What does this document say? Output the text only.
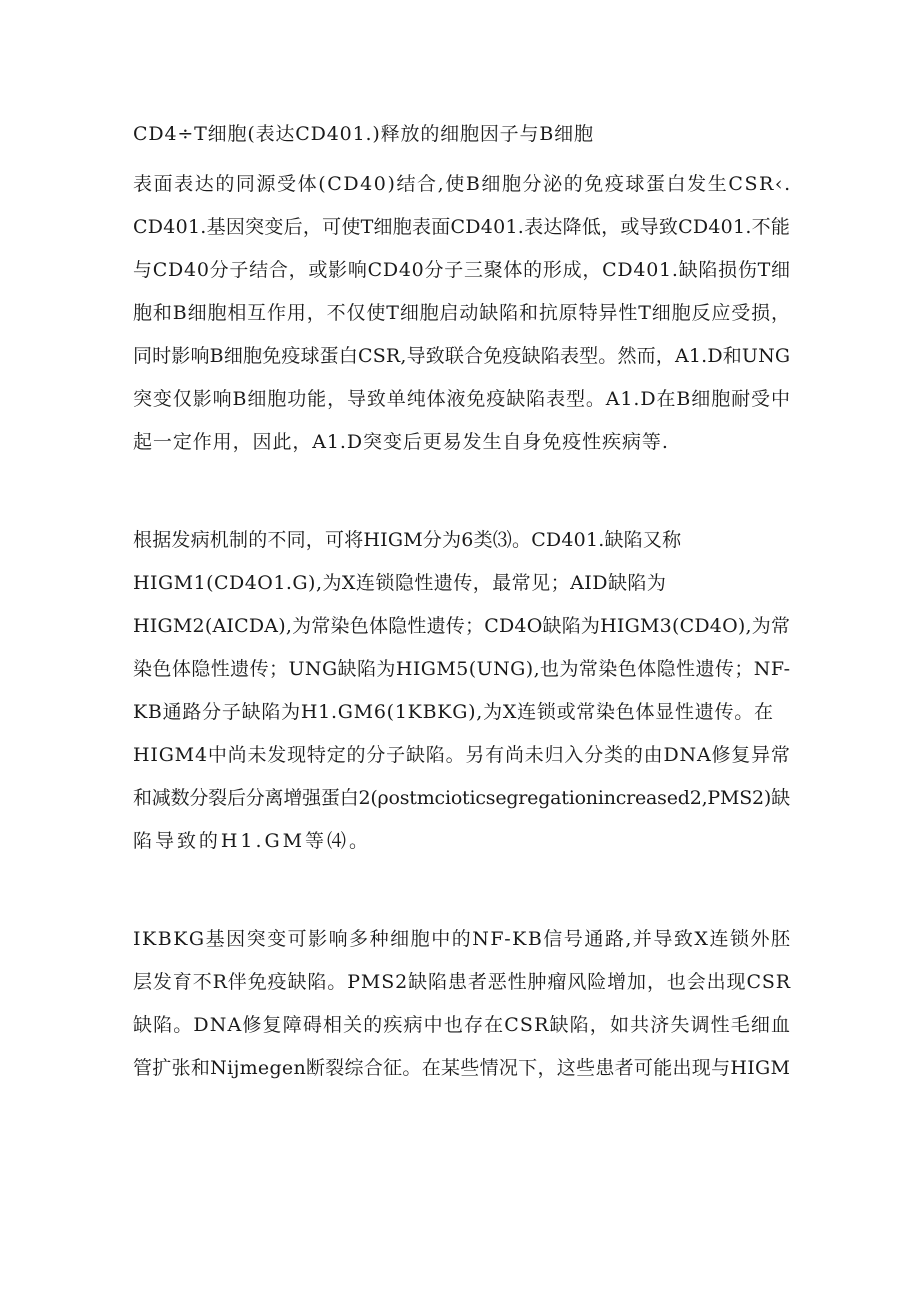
CD4÷T细胞(表达CD401.)释放的细胞因子与B细胞
表面表达的同源受体(CD40)结合,使B细胞分泌的免疫球蛋白发生CSR‹.
CD401.基因突变后，可使T细胞表面CD401.表达降低，或导致CD401.不能
与CD40分子结合，或影响CD40分子三聚体的形成，CD401.缺陷损伤T细
胞和B细胞相互作用，不仅使T细胞启动缺陷和抗原特异性T细胞反应受损，
同时影响B细胞免疫球蛋白CSR,导致联合免疫缺陷表型。然而，A1.D和UNG
突变仅影响B细胞功能，导致单纯体液免疫缺陷表型。A1.D在B细胞耐受中
起一定作用，因此，A1.D突变后更易发生自身免疫性疾病等.
根据发病机制的不同，可将HIGM分为6类⑶。CD401.缺陷又称
HIGM1(CD4O1.G),为X连锁隐性遗传，最常见；AID缺陷为
HIGM2(AICDA),为常染色体隐性遗传；CD4O缺陷为HIGM3(CD4O),为常
染色体隐性遗传；UNG缺陷为HIGM5(UNG),也为常染色体隐性遗传；NF-
KB通路分子缺陷为H1.GM6(1KBKG),为X连锁或常染色体显性遗传。在
HIGM4中尚未发现特定的分子缺陷。另有尚未归入分类的由DNA修复异常
和减数分裂后分离增强蛋白2(ρostmcioticsegregationincreased2,PMS2)缺
陷导致的H1.GM等⑷。
IKBKG基因突变可影响多种细胞中的NF-KB信号通路,并导致X连锁外胚
层发育不R伴免疫缺陷。PMS2缺陷患者恶性肿瘤风险增加，也会出现CSR
缺陷。DNA修复障碍相关的疾病中也存在CSR缺陷，如共济失调性毛细血
管扩张和Nijmegen断裂综合征。在某些情况下，这些患者可能出现与HIGM
